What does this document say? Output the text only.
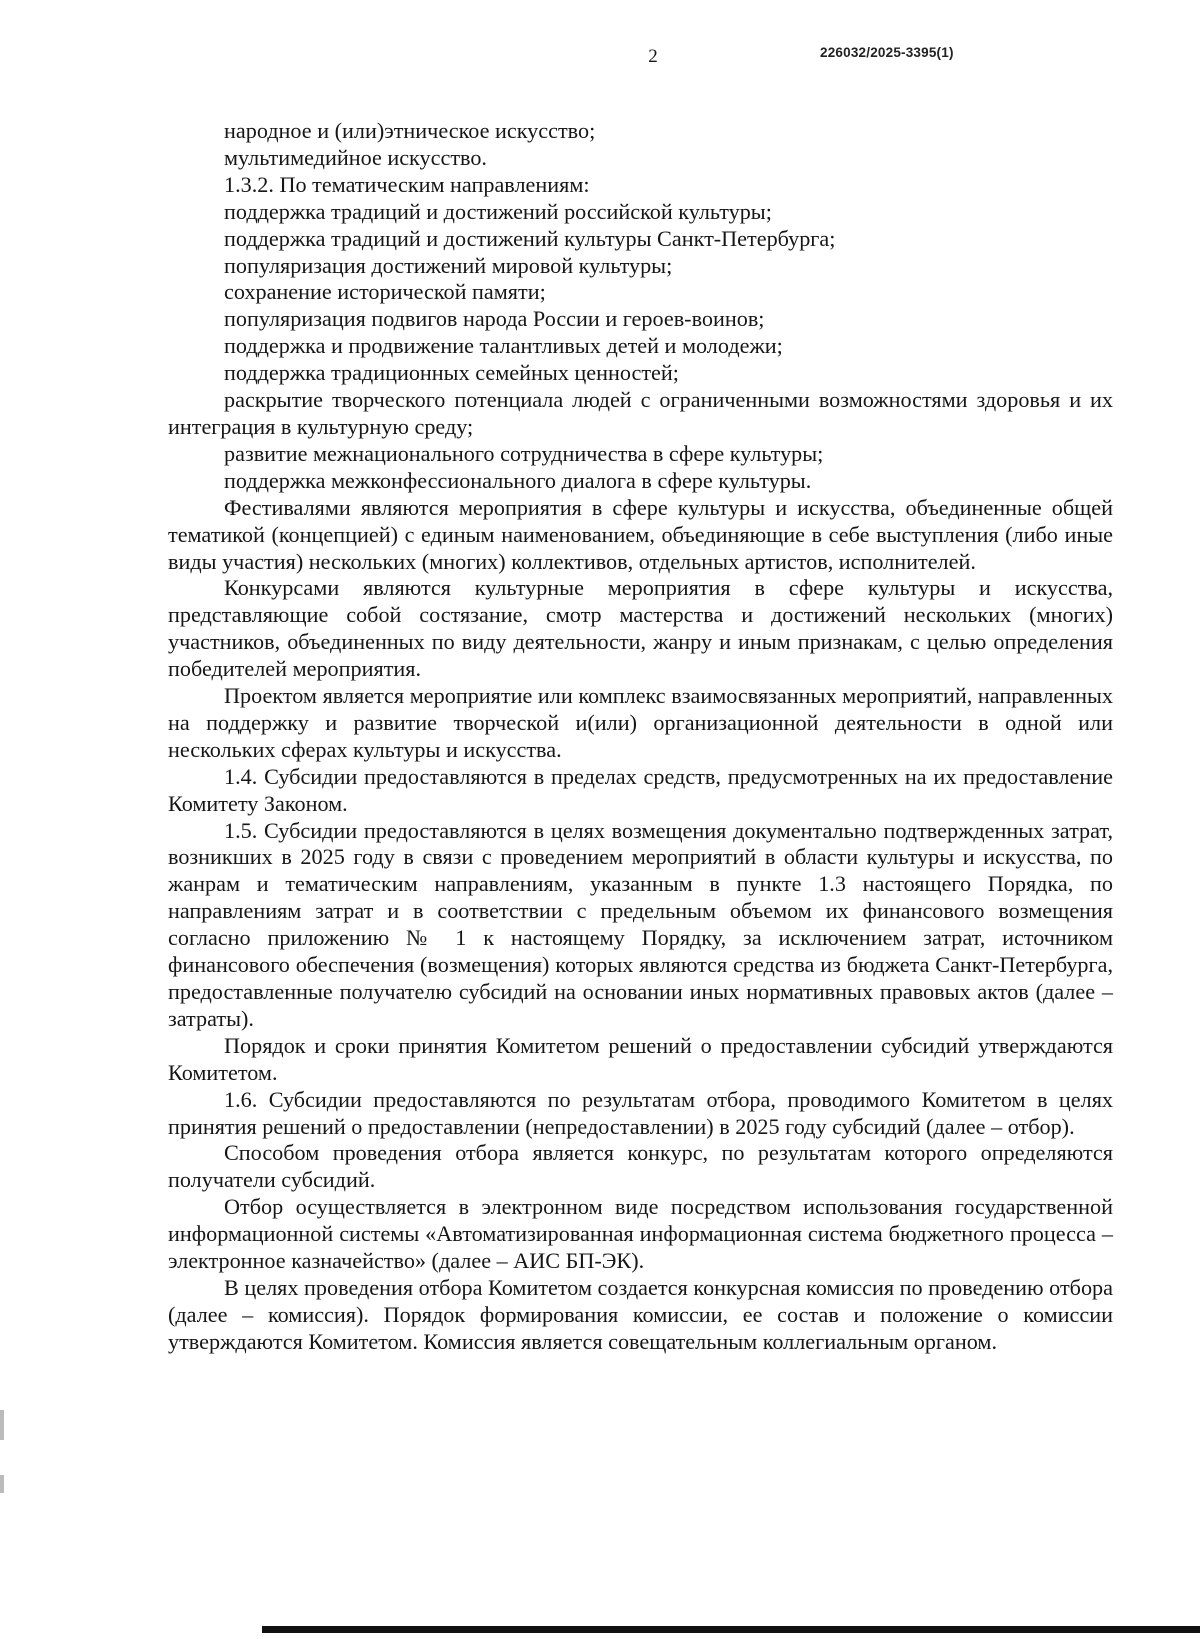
2	226032/2025-3395(1)

народное и (или)этническое искусство;

мультимедийное искусство.

1.3.2. По тематическим направлениям:

поддержка традиций и достижений российской культуры;

поддержка традиций и достижений культуры Санкт-Петербурга;

популяризация достижений мировой культуры;

сохранение исторической памяти;

популяризация подвигов народа России и героев-воинов;

поддержка и продвижение талантливых детей и молодежи;

поддержка традиционных семейных ценностей;

раскрытие творческого потенциала людей с ограниченными возможностями здоровья и их интеграция в культурную среду;

развитие межнационального сотрудничества в сфере культуры;

поддержка межконфессионального диалога в сфере культуры.

Фестивалями являются мероприятия в сфере культуры и искусства, объединенные общей тематикой (концепцией) с единым наименованием, объединяющие в себе выступления (либо иные виды участия) нескольких (многих) коллективов, отдельных артистов, исполнителей.

Конкурсами являются культурные мероприятия в сфере культуры и искусства, представляющие собой состязание, смотр мастерства и достижений нескольких (многих) участников, объединенных по виду деятельности, жанру и иным признакам, с целью определения победителей мероприятия.

Проектом является мероприятие или комплекс взаимосвязанных мероприятий, направленных на поддержку и развитие творческой и(или) организационной деятельности в одной или нескольких сферах культуры и искусства.

1.4. Субсидии предоставляются в пределах средств, предусмотренных на их предоставление Комитету Законом.

1.5. Субсидии предоставляются в целях возмещения документально подтвержденных затрат, возникших в 2025 году в связи с проведением мероприятий в области культуры и искусства, по жанрам и тематическим направлениям, указанным в пункте 1.3 настоящего Порядка, по направлениям затрат и в соответствии с предельным объемом их финансового возмещения согласно приложению № 1 к настоящему Порядку, за исключением затрат, источником финансового обеспечения (возмещения) которых являются средства из бюджета Санкт-Петербурга, предоставленные получателю субсидий на основании иных нормативных правовых актов (далее – затраты).

Порядок и сроки принятия Комитетом решений о предоставлении субсидий утверждаются Комитетом.

1.6. Субсидии предоставляются по результатам отбора, проводимого Комитетом в целях принятия решений о предоставлении (непредоставлении) в 2025 году субсидий (далее – отбор).

Способом проведения отбора является конкурс, по результатам которого определяются получатели субсидий.

Отбор осуществляется в электронном виде посредством использования государственной информационной системы «Автоматизированная информационная система бюджетного процесса – электронное казначейство» (далее – АИС БП-ЭК).

В целях проведения отбора Комитетом создается конкурсная комиссия по проведению отбора (далее – комиссия). Порядок формирования комиссии, ее состав и положение о комиссии утверждаются Комитетом. Комиссия является совещательным коллегиальным органом.
